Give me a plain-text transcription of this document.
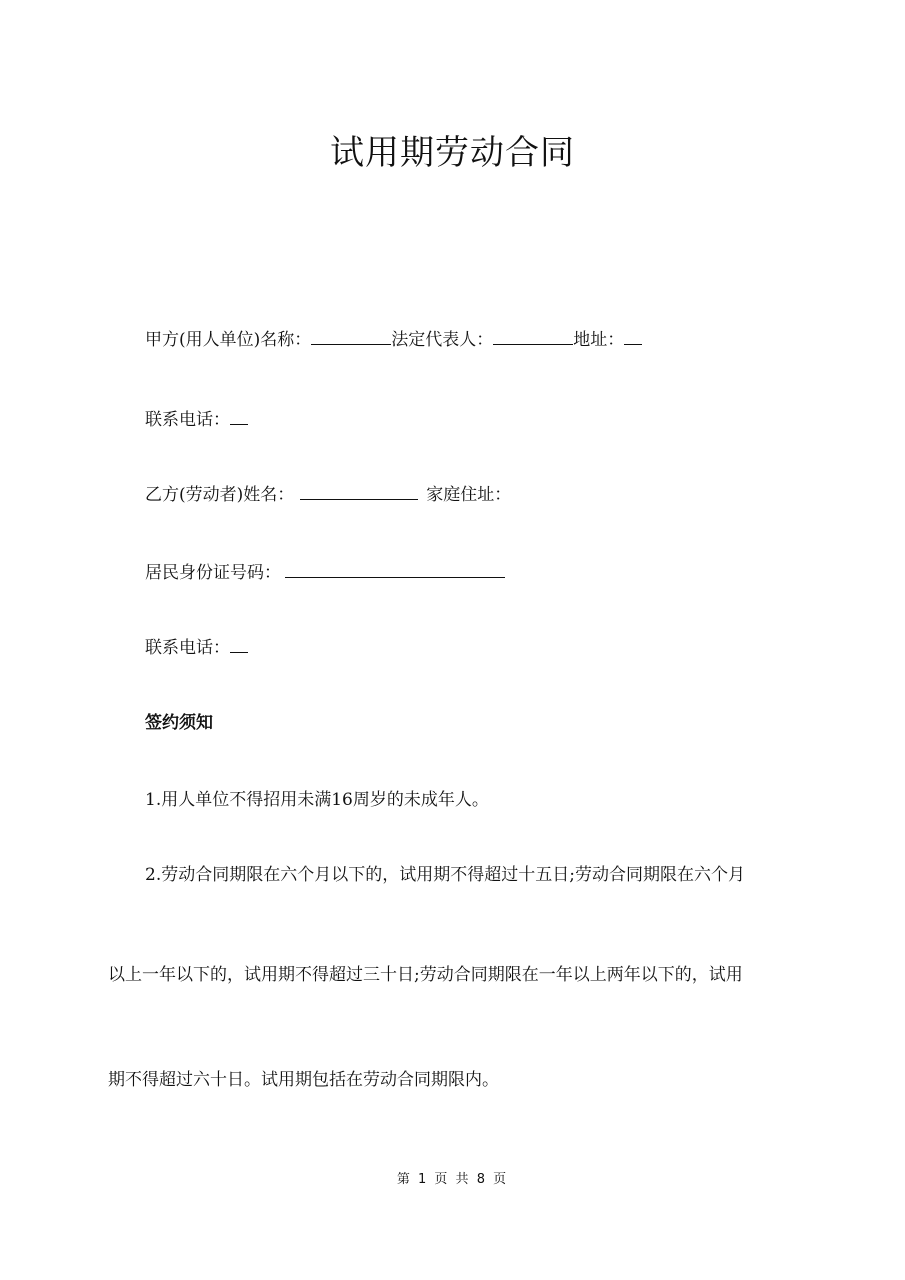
试用期劳动合同
甲方(用人单位)名称：	法定代表人：	地址：
联系电话：
乙方(劳动者)姓名：	家庭住址：
居民身份证号码：
联系电话：
签约须知
1.用人单位不得招用未满16周岁的未成年人。
2.劳动合同期限在六个月以下的，试用期不得超过十五日;劳动合同期限在六个月
以上一年以下的，试用期不得超过三十日;劳动合同期限在一年以上两年以下的，试用
期不得超过六十日。试用期包括在劳动合同期限内。
第 1 页 共 8 页
